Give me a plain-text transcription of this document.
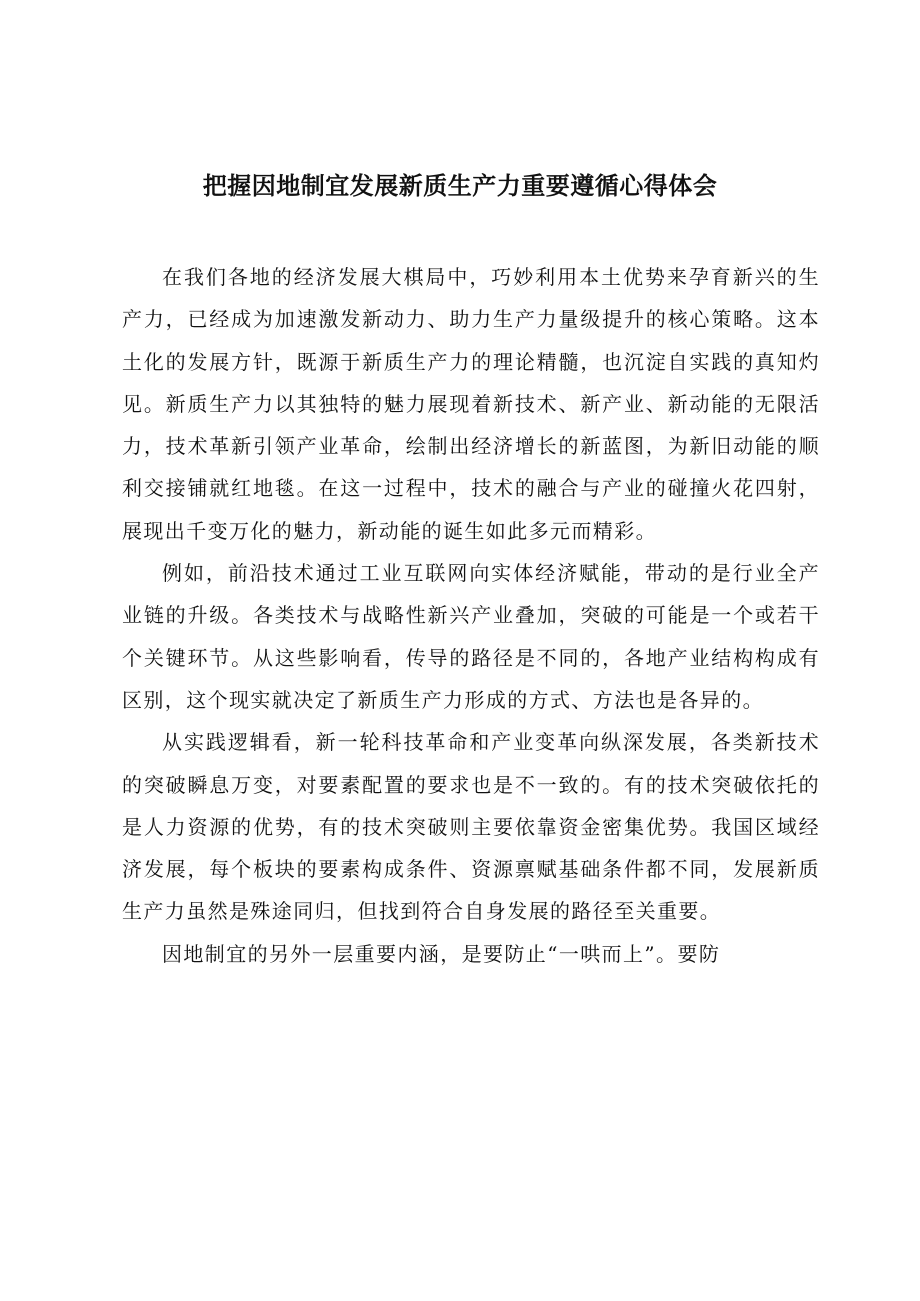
把握因地制宜发展新质生产力重要遵循心得体会

在我们各地的经济发展大棋局中，巧妙利用本土优势来孕育新兴的生产力，已经成为加速激发新动力、助力生产力量级提升的核心策略。这本土化的发展方针，既源于新质生产力的理论精髓，也沉淀自实践的真知灼见。新质生产力以其独特的魅力展现着新技术、新产业、新动能的无限活力，技术革新引领产业革命，绘制出经济增长的新蓝图，为新旧动能的顺利交接铺就红地毯。在这一过程中，技术的融合与产业的碰撞火花四射，展现出千变万化的魅力，新动能的诞生如此多元而精彩。

例如，前沿技术通过工业互联网向实体经济赋能，带动的是行业全产业链的升级。各类技术与战略性新兴产业叠加，突破的可能是一个或若干个关键环节。从这些影响看，传导的路径是不同的，各地产业结构构成有区别，这个现实就决定了新质生产力形成的方式、方法也是各异的。

从实践逻辑看，新一轮科技革命和产业变革向纵深发展，各类新技术的突破瞬息万变，对要素配置的要求也是不一致的。有的技术突破依托的是人力资源的优势，有的技术突破则主要依靠资金密集优势。我国区域经济发展，每个板块的要素构成条件、资源禀赋基础条件都不同，发展新质生产力虽然是殊途同归，但找到符合自身发展的路径至关重要。

因地制宜的另外一层重要内涵，是要防止“一哄而上”。要防
